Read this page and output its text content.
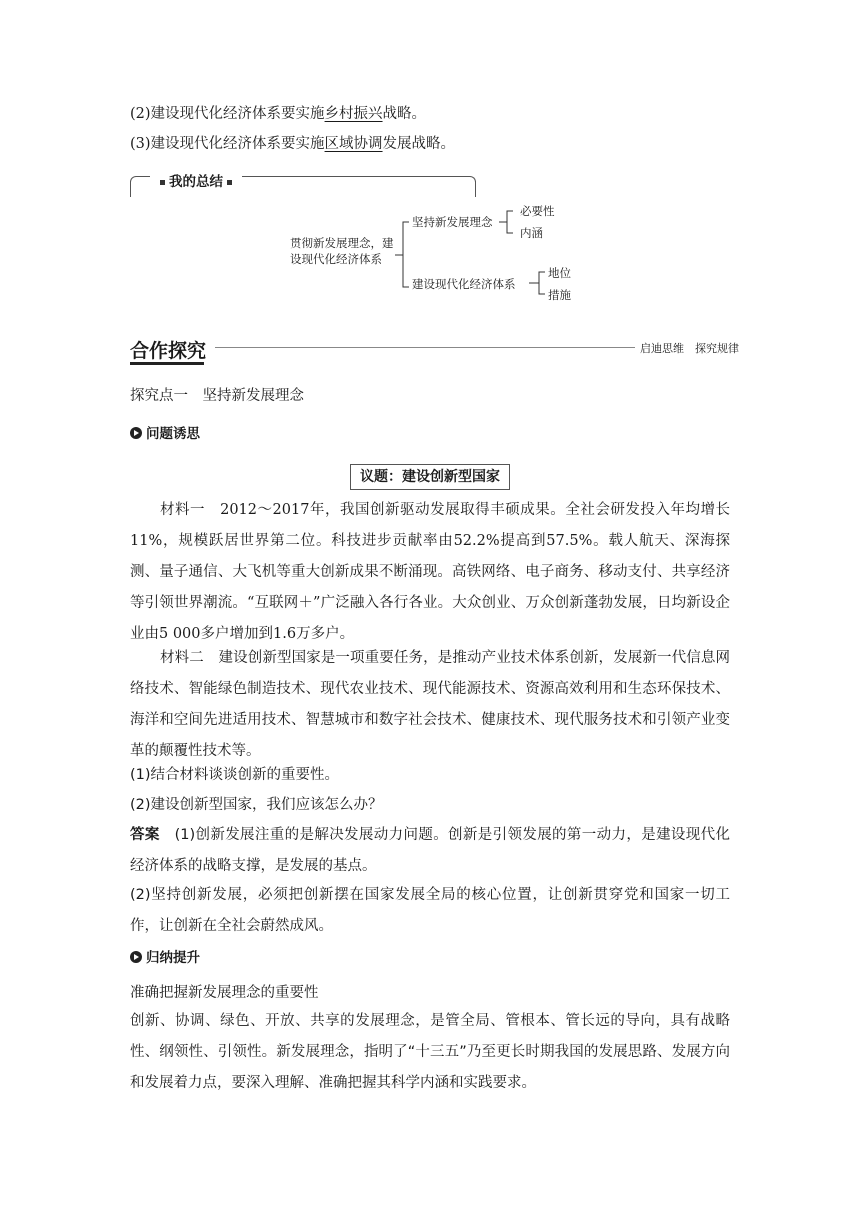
(2)建设现代化经济体系要实施乡村振兴战略。
(3)建设现代化经济体系要实施区域协调发展战略。
我的总结
贯彻新发展理念，建
设现代化经济体系
坚持新发展理念
必要性
内涵
建设现代化经济体系
地位
措施
合作探究	启迪思维　探究规律
探究点一　坚持新发展理念
问题诱思
议题：建设创新型国家
材料一　 2012～2017年，我国创新驱动发展取得丰硕成果。全社会研发投入年均增长11%，规模跃居世界第二位。科技进步贡献率由52.2%提高到57.5%。载人航天、深海探测、量子通信、大飞机等重大创新成果不断涌现。高铁网络、电子商务、移动支付、共享经济等引领世界潮流。“互联网＋”广泛融入各行各业。大众创业、万众创新蓬勃发展，日均新设企业由5 000多户增加到1.6万多户。
材料二　 建设创新型国家是一项重要任务，是推动产业技术体系创新，发展新一代信息网络技术、智能绿色制造技术、现代农业技术、现代能源技术、资源高效利用和生态环保技术、海洋和空间先进适用技术、智慧城市和数字社会技术、健康技术、现代服务技术和引领产业变革的颠覆性技术等。
(1)结合材料谈谈创新的重要性。
(2)建设创新型国家，我们应该怎么办？
答案　 (1)创新发展注重的是解决发展动力问题。创新是引领发展的第一动力，是建设现代化经济体系的战略支撑，是发展的基点。
(2)坚持创新发展，必须把创新摆在国家发展全局的核心位置，让创新贯穿党和国家一切工作，让创新在全社会蔚然成风。
归纳提升
准确把握新发展理念的重要性
创新、协调、绿色、开放、共享的发展理念，是管全局、管根本、管长远的导向，具有战略性、纲领性、引领性。新发展理念，指明了“十三五”乃至更长时期我国的发展思路、发展方向和发展着力点，要深入理解、准确把握其科学内涵和实践要求。
